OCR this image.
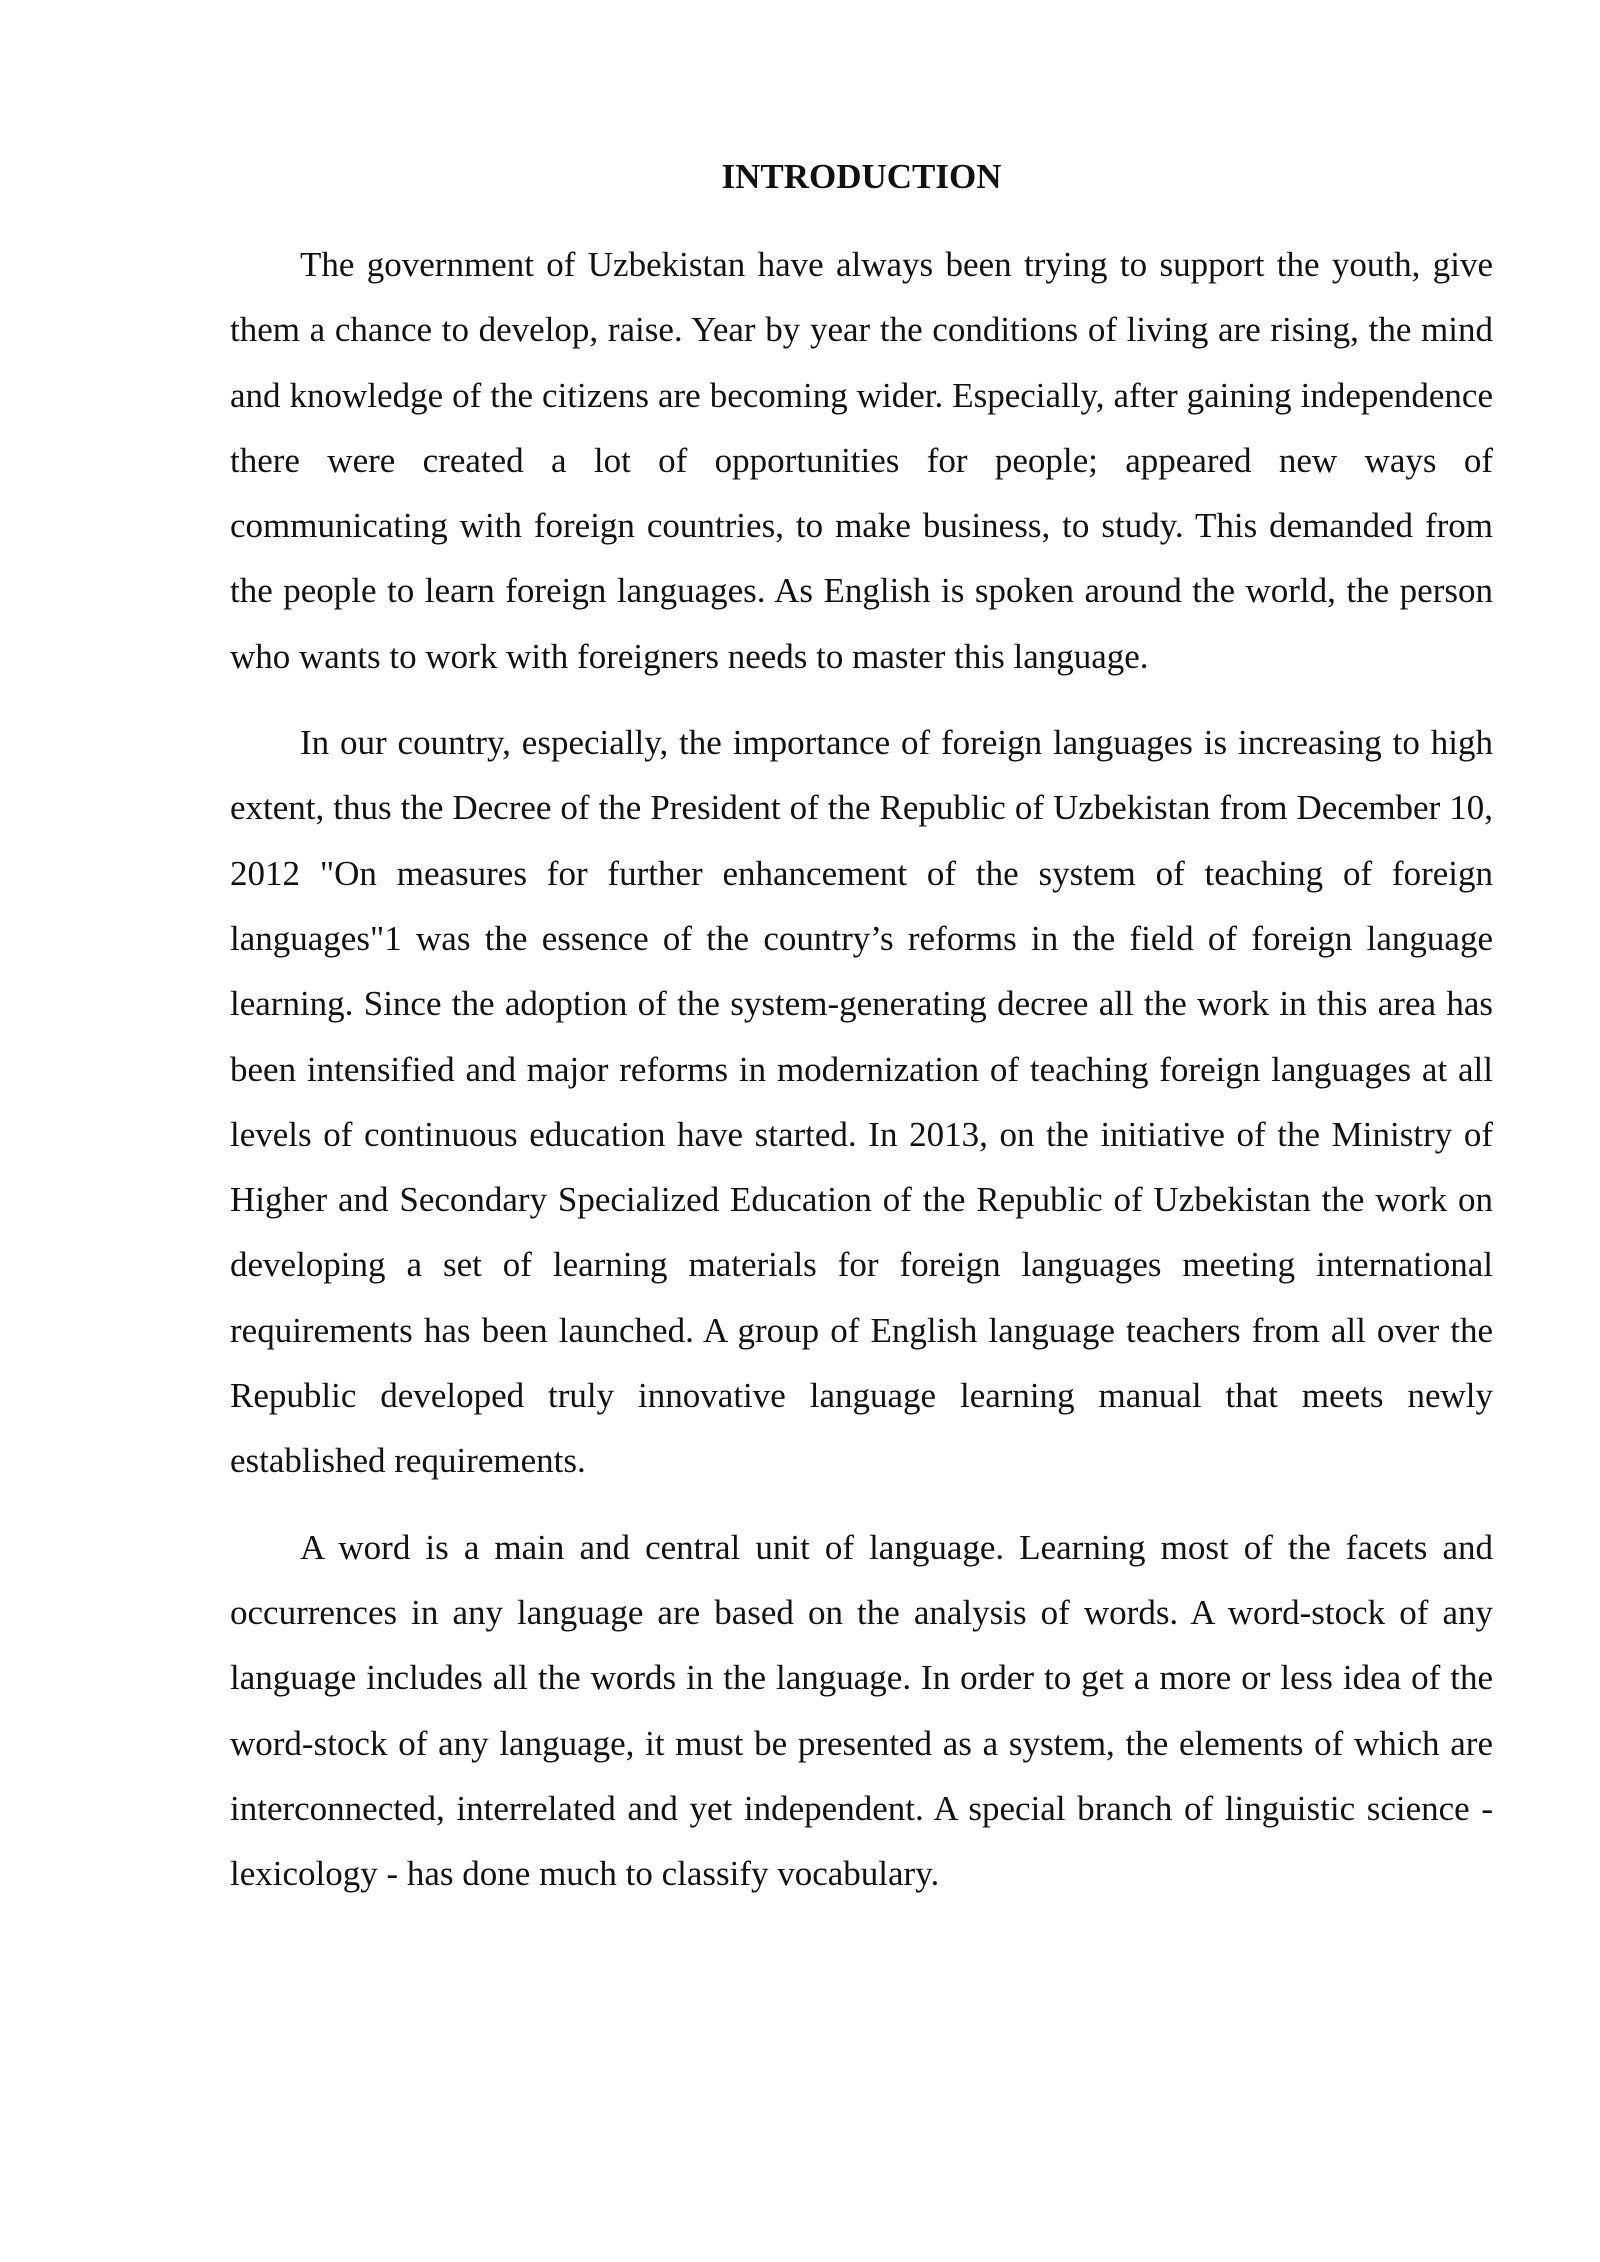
INTRODUCTION

The government of Uzbekistan have always been trying to support the youth, give them a chance to develop, raise. Year by year the conditions of living are rising, the mind and knowledge of the citizens are becoming wider. Especially, after gaining independence there were created a lot of opportunities for people; appeared new ways of communicating with foreign countries, to make business, to study. This demanded from the people to learn foreign languages. As English is spoken around the world, the person who wants to work with foreigners needs to master this language.

In our country, especially, the importance of foreign languages is increasing to high extent, thus the Decree of the President of the Republic of Uzbekistan from December 10, 2012 "On measures for further enhancement of the system of teaching of foreign languages"1 was the essence of the country’s reforms in the field of foreign language learning. Since the adoption of the system-generating decree all the work in this area has been intensified and major reforms in modernization of teaching foreign languages at all levels of continuous education have started. In 2013, on the initiative of the Ministry of Higher and Secondary Specialized Education of the Republic of Uzbekistan the work on developing a set of learning materials for foreign languages meeting international requirements has been launched. A group of English language teachers from all over the Republic developed truly innovative language learning manual that meets newly established requirements.

A word is a main and central unit of language. Learning most of the facets and occurrences in any language are based on the analysis of words. A word-stock of any language includes all the words in the language. In order to get a more or less idea of the word-stock of any language, it must be presented as a system, the elements of which are interconnected, interrelated and yet independent. A special branch of linguistic science - lexicology - has done much to classify vocabulary.
